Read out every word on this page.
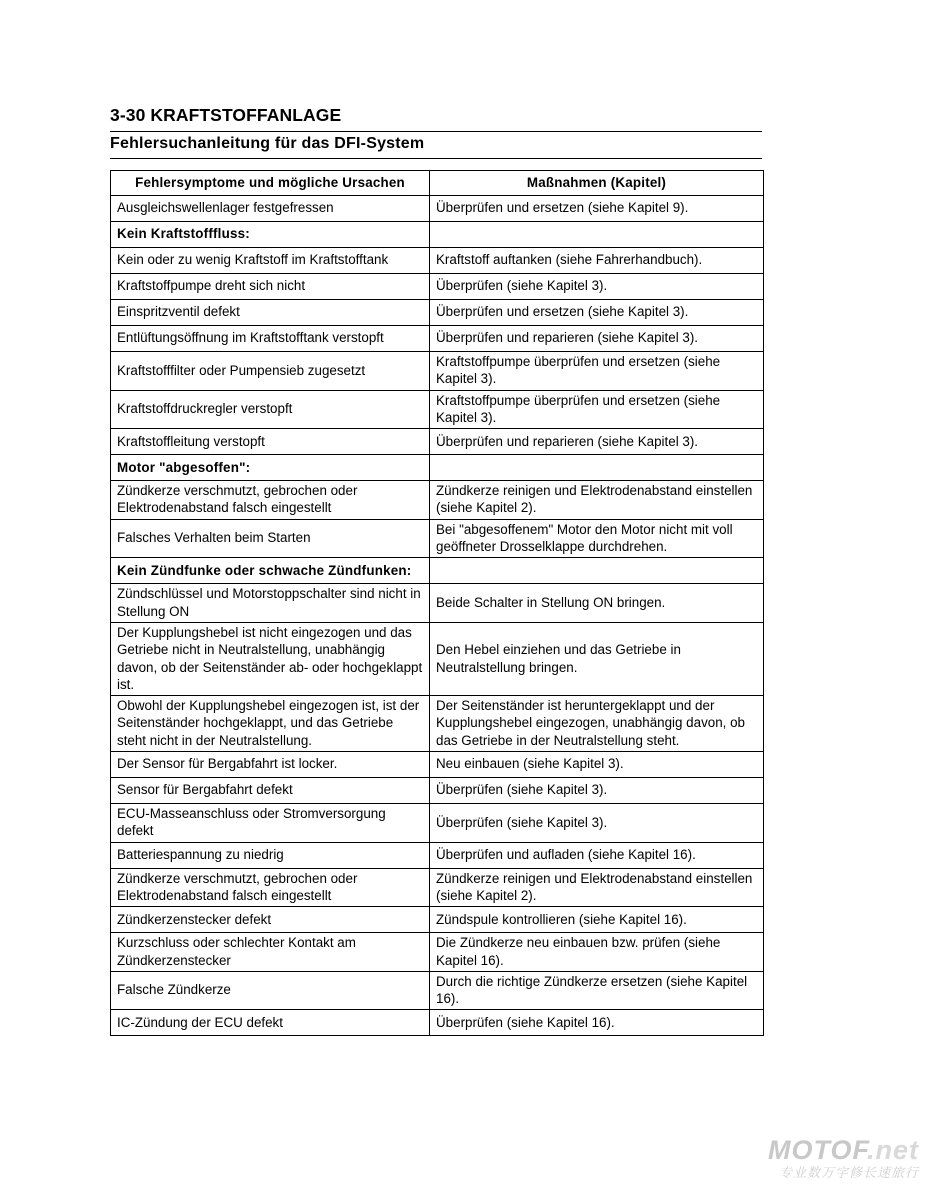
3-30 KRAFTSTOFFANLAGE
Fehlersuchanleitung für das DFI-System
Fehlersymptome und mögliche Ursachen	Maßnahmen (Kapitel)
Ausgleichswellenlager festgefressen	Überprüfen und ersetzen (siehe Kapitel 9).
Kein Kraftstofffluss:	
Kein oder zu wenig Kraftstoff im Kraftstofftank	Kraftstoff auftanken (siehe Fahrerhandbuch).
Kraftstoffpumpe dreht sich nicht	Überprüfen (siehe Kapitel 3).
Einspritzventil defekt	Überprüfen und ersetzen (siehe Kapitel 3).
Entlüftungsöffnung im Kraftstofftank verstopft	Überprüfen und reparieren (siehe Kapitel 3).
Kraftstofffilter oder Pumpensieb zugesetzt	Kraftstoffpumpe überprüfen und ersetzen (siehe Kapitel 3).
Kraftstoffdruckregler verstopft	Kraftstoffpumpe überprüfen und ersetzen (siehe Kapitel 3).
Kraftstoffleitung verstopft	Überprüfen und reparieren (siehe Kapitel 3).
Motor "abgesoffen":	
Zündkerze verschmutzt, gebrochen oder Elektrodenabstand falsch eingestellt	Zündkerze reinigen und Elektrodenabstand einstellen (siehe Kapitel 2).
Falsches Verhalten beim Starten	Bei "abgesoffenem" Motor den Motor nicht mit voll geöffneter Drosselklappe durchdrehen.
Kein Zündfunke oder schwache Zündfunken:	
Zündschlüssel und Motorstoppschalter sind nicht in Stellung ON	Beide Schalter in Stellung ON bringen.
Der Kupplungshebel ist nicht eingezogen und das Getriebe nicht in Neutralstellung, unabhängig davon, ob der Seitenständer ab- oder hochgeklappt ist.	Den Hebel einziehen und das Getriebe in Neutralstellung bringen.
Obwohl der Kupplungshebel eingezogen ist, ist der Seitenständer hochgeklappt, und das Getriebe steht nicht in der Neutralstellung.	Der Seitenständer ist heruntergeklappt und der Kupplungshebel eingezogen, unabhängig davon, ob das Getriebe in der Neutralstellung steht.
Der Sensor für Bergabfahrt ist locker.	Neu einbauen (siehe Kapitel 3).
Sensor für Bergabfahrt defekt	Überprüfen (siehe Kapitel 3).
ECU-Masseanschluss oder Stromversorgung defekt	Überprüfen (siehe Kapitel 3).
Batteriespannung zu niedrig	Überprüfen und aufladen (siehe Kapitel 16).
Zündkerze verschmutzt, gebrochen oder Elektrodenabstand falsch eingestellt	Zündkerze reinigen und Elektrodenabstand einstellen (siehe Kapitel 2).
Zündkerzenstecker defekt	Zündspule kontrollieren (siehe Kapitel 16).
Kurzschluss oder schlechter Kontakt am Zündkerzenstecker	Die Zündkerze neu einbauen bzw. prüfen (siehe Kapitel 16).
Falsche Zündkerze	Durch die richtige Zündkerze ersetzen (siehe Kapitel 16).
IC-Zündung der ECU defekt	Überprüfen (siehe Kapitel 16).
MOTOF.net
专业数万字修长速旅行
